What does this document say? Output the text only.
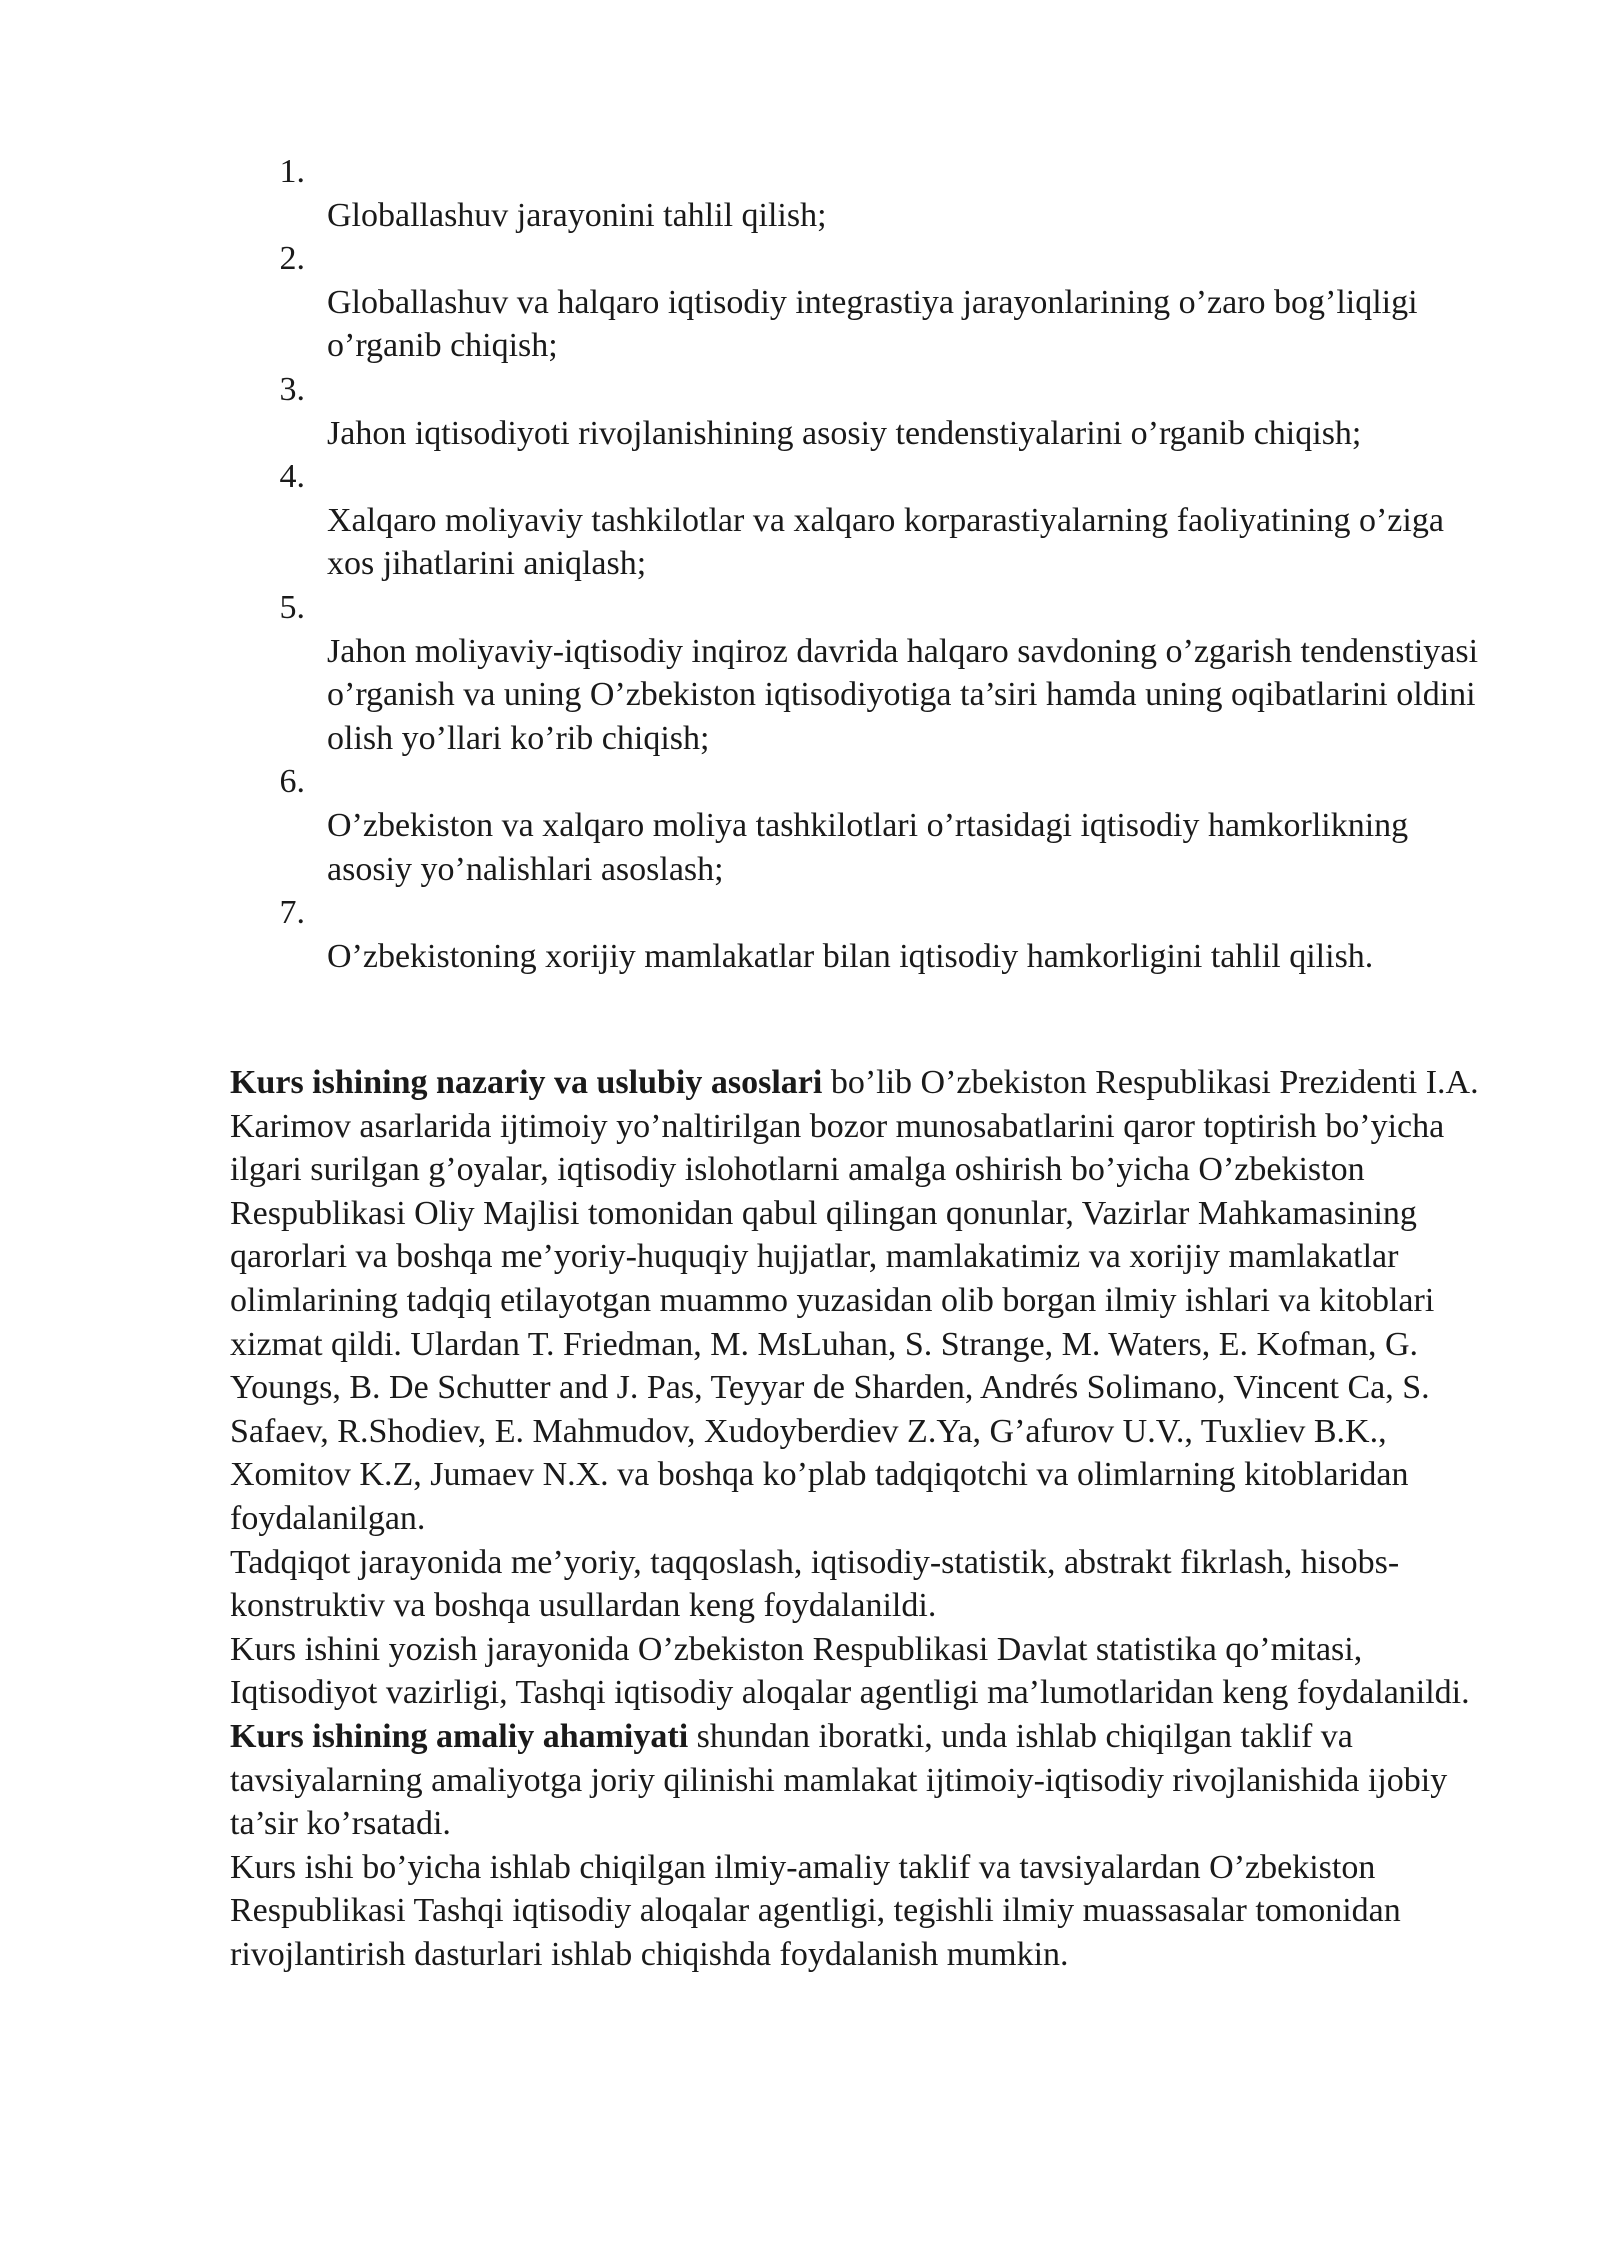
1.
Globallashuv jarayonini tahlil qilish;
2.
Globallashuv va halqaro iqtisodiy integrastiya jarayonlarining o’zaro bog’liqligi o’rganib chiqish;
3.
Jahon iqtisodiyoti rivojlanishining asosiy tendenstiyalarini o’rganib chiqish;
4.
Xalqaro moliyaviy tashkilotlar va xalqaro korparastiyalarning faoliyatining o’ziga xos jihatlarini aniqlash;
5.
Jahon moliyaviy-iqtisodiy inqiroz davrida halqaro savdoning o’zgarish tendenstiyasi o’rganish va uning O’zbekiston iqtisodiyotiga ta’siri hamda uning oqibatlarini oldini olish yo’llari ko’rib chiqish;
6.
O’zbekiston va xalqaro moliya tashkilotlari o’rtasidagi iqtisodiy hamkorlikning asosiy yo’nalishlari asoslash;
7.
O’zbekistoning xorijiy mamlakatlar bilan iqtisodiy hamkorligini tahlil qilish.

Kurs ishining nazariy va uslubiy asoslari bo’lib O’zbekiston Respublikasi Prezidenti I.A. Karimov asarlarida ijtimoiy yo’naltirilgan bozor munosabatlarini qaror toptirish bo’yicha ilgari surilgan g’oyalar, iqtisodiy islohotlarni amalga oshirish bo’yicha O’zbekiston Respublikasi Oliy Majlisi tomonidan qabul qilingan qonunlar, Vazirlar Mahkamasining qarorlari va boshqa me’yoriy-huquqiy hujjatlar, mamlakatimiz va xorijiy mamlakatlar olimlarining tadqiq etilayotgan muammo yuzasidan olib borgan ilmiy ishlari va kitoblari xizmat qildi. Ulardan T. Friedman, M. MsLuhan, S. Strange, M. Waters, E. Kofman, G. Youngs, B. De Schutter and J. Pas, Teyyar de Sharden, Andrés Solimano, Vincent Ca, S. Safaev, R.Shodiev, E. Mahmudov, Xudoyberdiev Z.Ya, G’afurov U.V., Tuxliev B.K., Xomitov K.Z, Jumaev N.X. va boshqa ko’plab tadqiqotchi va olimlarning kitoblaridan foydalanilgan.

Tadqiqot jarayonida me’yoriy, taqqoslash, iqtisodiy-statistik, abstrakt fikrlash, hisobs-konstruktiv va boshqa usullardan keng foydalanildi.

Kurs ishini yozish jarayonida O’zbekiston Respublikasi Davlat statistika qo’mitasi, Iqtisodiyot vazirligi, Tashqi iqtisodiy aloqalar agentligi ma’lumotlaridan keng foydalanildi.

Kurs ishining amaliy ahamiyati shundan iboratki, unda ishlab chiqilgan taklif va tavsiyalarning amaliyotga joriy qilinishi mamlakat ijtimoiy-iqtisodiy rivojlanishida ijobiy ta’sir ko’rsatadi.

Kurs ishi bo’yicha ishlab chiqilgan ilmiy-amaliy taklif va tavsiyalardan O’zbekiston Respublikasi Tashqi iqtisodiy aloqalar agentligi, tegishli ilmiy muassasalar tomonidan rivojlantirish dasturlari ishlab chiqishda foydalanish mumkin.
